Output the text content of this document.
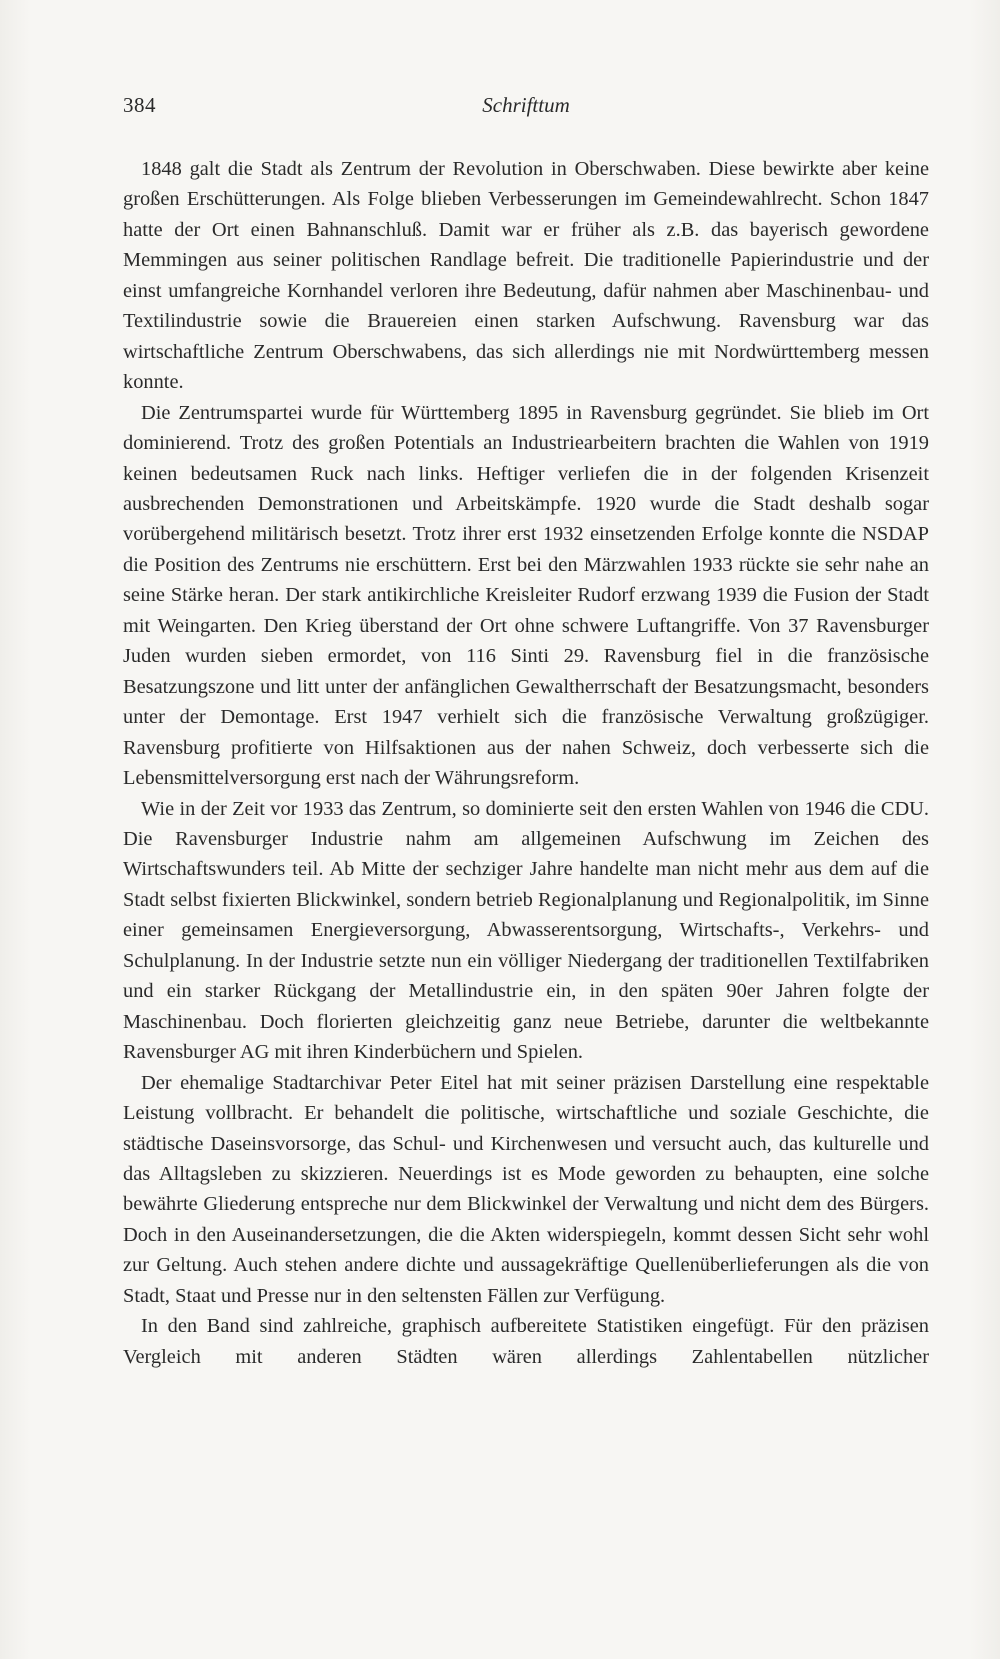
384	Schrifttum

1848 galt die Stadt als Zentrum der Revolution in Oberschwaben. Diese bewirkte aber keine großen Erschütterungen. Als Folge blieben Verbesserungen im Gemeindewahlrecht. Schon 1847 hatte der Ort einen Bahnanschluß. Damit war er früher als z.B. das bayerisch gewordene Memmingen aus seiner politischen Randlage befreit. Die traditionelle Papierindustrie und der einst umfangreiche Kornhandel verloren ihre Bedeutung, dafür nahmen aber Maschinenbau- und Textilindustrie sowie die Brauereien einen starken Aufschwung. Ravensburg war das wirtschaftliche Zentrum Oberschwabens, das sich allerdings nie mit Nordwürttemberg messen konnte.

Die Zentrumspartei wurde für Württemberg 1895 in Ravensburg gegründet. Sie blieb im Ort dominierend. Trotz des großen Potentials an Industriearbeitern brachten die Wahlen von 1919 keinen bedeutsamen Ruck nach links. Heftiger verliefen die in der folgenden Krisenzeit ausbrechenden Demonstrationen und Arbeitskämpfe. 1920 wurde die Stadt deshalb sogar vorübergehend militärisch besetzt. Trotz ihrer erst 1932 einsetzenden Erfolge konnte die NSDAP die Position des Zentrums nie erschüttern. Erst bei den Märzwahlen 1933 rückte sie sehr nahe an seine Stärke heran. Der stark antikirchliche Kreisleiter Rudorf erzwang 1939 die Fusion der Stadt mit Weingarten. Den Krieg überstand der Ort ohne schwere Luftangriffe. Von 37 Ravensburger Juden wurden sieben ermordet, von 116 Sinti 29. Ravensburg fiel in die französische Besatzungszone und litt unter der anfänglichen Gewaltherrschaft der Besatzungsmacht, besonders unter der Demontage. Erst 1947 verhielt sich die französische Verwaltung großzügiger. Ravensburg profitierte von Hilfsaktionen aus der nahen Schweiz, doch verbesserte sich die Lebensmittelversorgung erst nach der Währungsreform.

Wie in der Zeit vor 1933 das Zentrum, so dominierte seit den ersten Wahlen von 1946 die CDU. Die Ravensburger Industrie nahm am allgemeinen Aufschwung im Zeichen des Wirtschaftswunders teil. Ab Mitte der sechziger Jahre handelte man nicht mehr aus dem auf die Stadt selbst fixierten Blickwinkel, sondern betrieb Regionalplanung und Regionalpolitik, im Sinne einer gemeinsamen Energieversorgung, Abwasserentsorgung, Wirtschafts-, Verkehrs- und Schulplanung. In der Industrie setzte nun ein völliger Niedergang der traditionellen Textilfabriken und ein starker Rückgang der Metallindustrie ein, in den späten 90er Jahren folgte der Maschinenbau. Doch florierten gleichzeitig ganz neue Betriebe, darunter die weltbekannte Ravensburger AG mit ihren Kinderbüchern und Spielen.

Der ehemalige Stadtarchivar Peter Eitel hat mit seiner präzisen Darstellung eine respektable Leistung vollbracht. Er behandelt die politische, wirtschaftliche und soziale Geschichte, die städtische Daseinsvorsorge, das Schul- und Kirchenwesen und versucht auch, das kulturelle und das Alltagsleben zu skizzieren. Neuerdings ist es Mode geworden zu behaupten, eine solche bewährte Gliederung entspreche nur dem Blickwinkel der Verwaltung und nicht dem des Bürgers. Doch in den Auseinandersetzungen, die die Akten widerspiegeln, kommt dessen Sicht sehr wohl zur Geltung. Auch stehen andere dichte und aussagekräftige Quellenüberlieferungen als die von Stadt, Staat und Presse nur in den seltensten Fällen zur Verfügung.

In den Band sind zahlreiche, graphisch aufbereitete Statistiken eingefügt. Für den präzisen Vergleich mit anderen Städten wären allerdings Zahlentabellen nützlicher
